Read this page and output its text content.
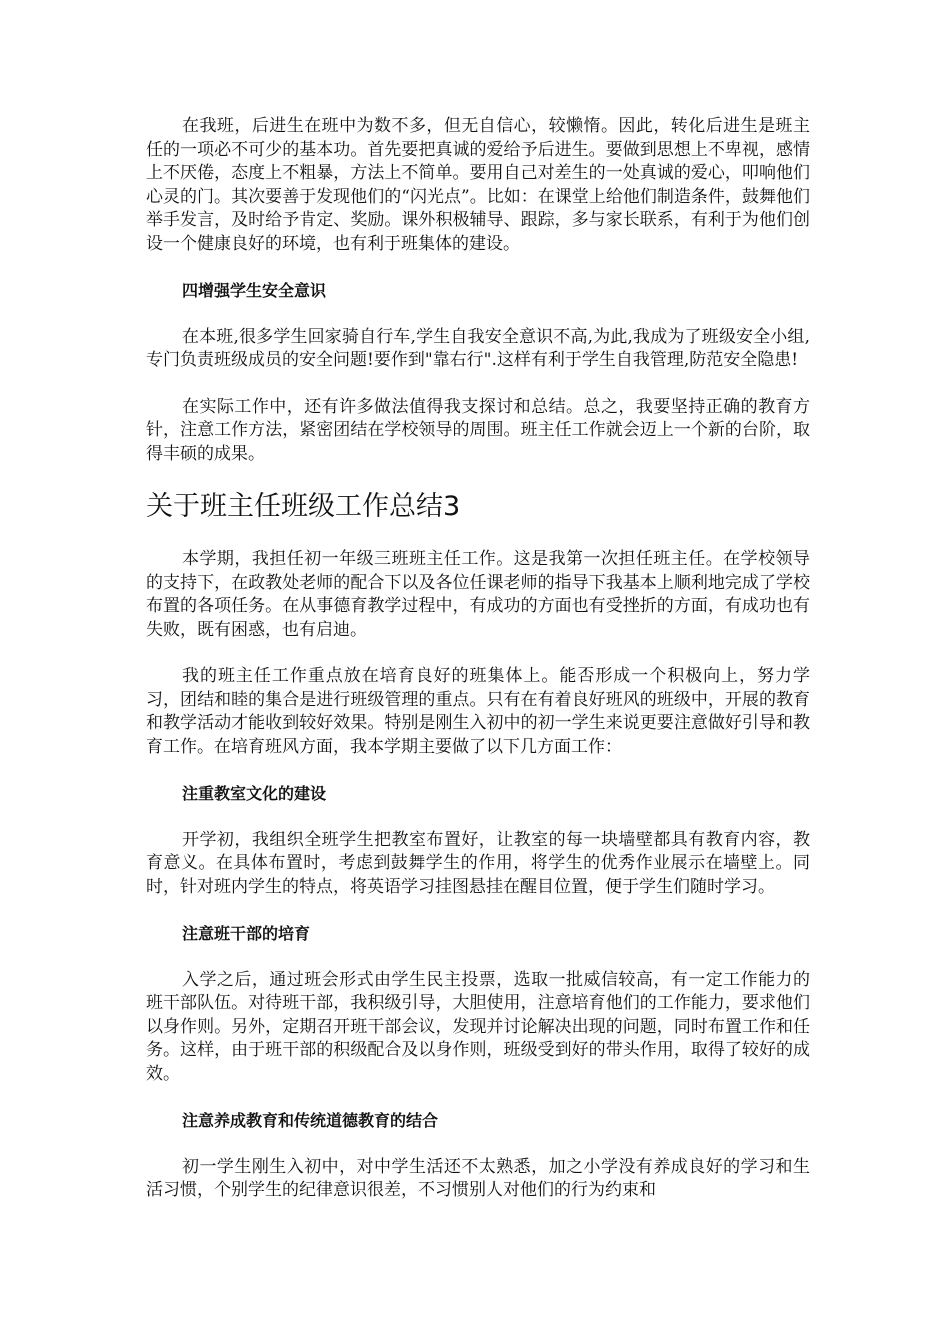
在我班，后进生在班中为数不多，但无自信心，较懒惰。因此，转化后进生是班主任的一项必不可少的基本功。首先要把真诚的爱给予后进生。要做到思想上不卑视，感情上不厌倦，态度上不粗暴，方法上不简单。要用自己对差生的一处真诚的爱心，叩响他们心灵的门。其次要善于发现他们的“闪光点”。比如：在课堂上给他们制造条件，鼓舞他们举手发言，及时给予肯定、奖励。课外积极辅导、跟踪，多与家长联系，有利于为他们创设一个健康良好的环境，也有利于班集体的建设。

四增强学生安全意识

在本班,很多学生回家骑自行车,学生自我安全意识不高,为此,我成为了班级安全小组,专门负责班级成员的安全问题!要作到"靠右行".这样有利于学生自我管理,防范安全隐患!

在实际工作中，还有许多做法值得我支探讨和总结。总之，我要坚持正确的教育方针，注意工作方法，紧密团结在学校领导的周围。班主任工作就会迈上一个新的台阶，取得丰硕的成果。

关于班主任班级工作总结3

本学期，我担任初一年级三班班主任工作。这是我第一次担任班主任。在学校领导的支持下，在政教处老师的配合下以及各位任课老师的指导下我基本上顺利地完成了学校布置的各项任务。在从事德育教学过程中，有成功的方面也有受挫折的方面，有成功也有失败，既有困惑，也有启迪。

我的班主任工作重点放在培育良好的班集体上。能否形成一个积极向上，努力学习，团结和睦的集合是进行班级管理的重点。只有在有着良好班风的班级中，开展的教育和教学活动才能收到较好效果。特别是刚生入初中的初一学生来说更要注意做好引导和教育工作。在培育班风方面，我本学期主要做了以下几方面工作：

注重教室文化的建设

开学初，我组织全班学生把教室布置好，让教室的每一块墙壁都具有教育内容，教育意义。在具体布置时，考虑到鼓舞学生的作用，将学生的优秀作业展示在墙壁上。同时，针对班内学生的特点，将英语学习挂图悬挂在醒目位置，便于学生们随时学习。

注意班干部的培育

入学之后，通过班会形式由学生民主投票，选取一批威信较高，有一定工作能力的班干部队伍。对待班干部，我积级引导，大胆使用，注意培育他们的工作能力，要求他们以身作则。另外，定期召开班干部会议，发现并讨论解决出现的问题，同时布置工作和任务。这样，由于班干部的积级配合及以身作则，班级受到好的带头作用，取得了较好的成效。

注意养成教育和传统道德教育的结合

初一学生刚生入初中，对中学生活还不太熟悉，加之小学没有养成良好的学习和生活习惯，个别学生的纪律意识很差，不习惯别人对他们的行为约束和
